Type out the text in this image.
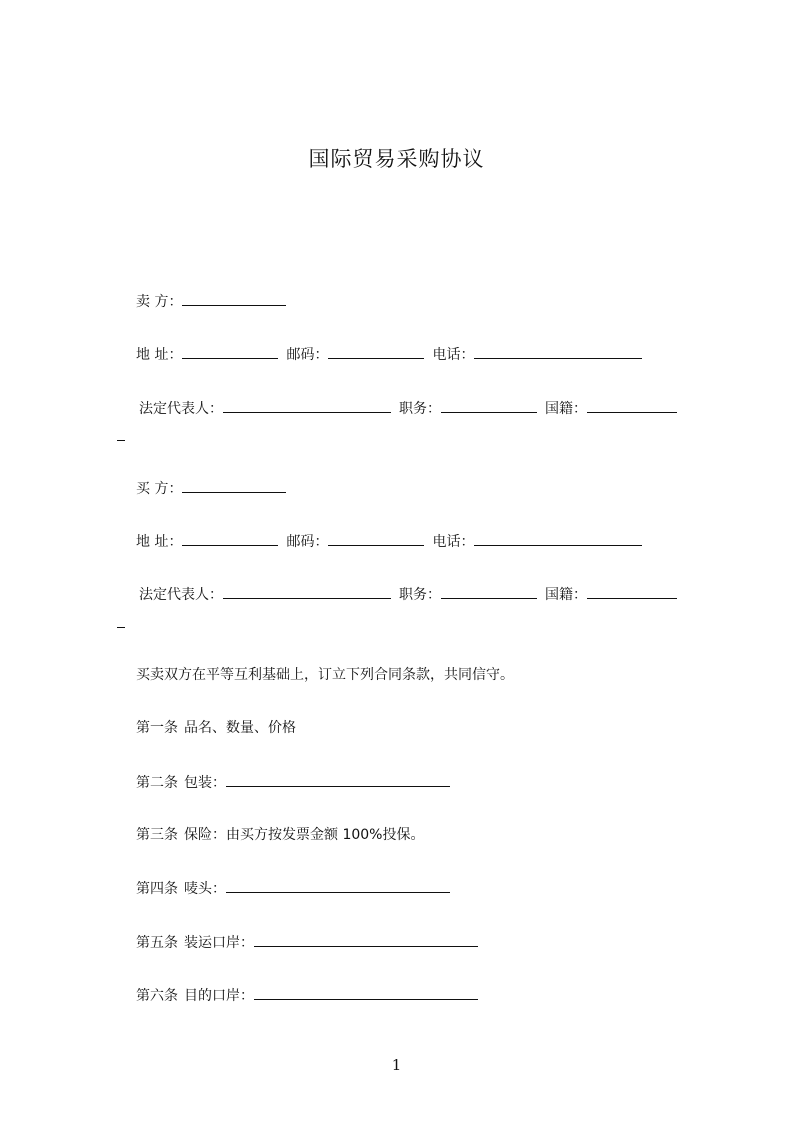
国际贸易采购协议
卖 方：
地 址：	邮码：	电话：
法定代表人：	职务：	国籍：
买 方：
地 址：	邮码：	电话：
法定代表人：	职务：	国籍：
买卖双方在平等互利基础上，订立下列合同条款，共同信守。
第一条 品名、数量、价格
第二条 包装：
第三条 保险：由买方按发票金额 100%投保。
第四条 唛头：
第五条 装运口岸：
第六条 目的口岸：
1
